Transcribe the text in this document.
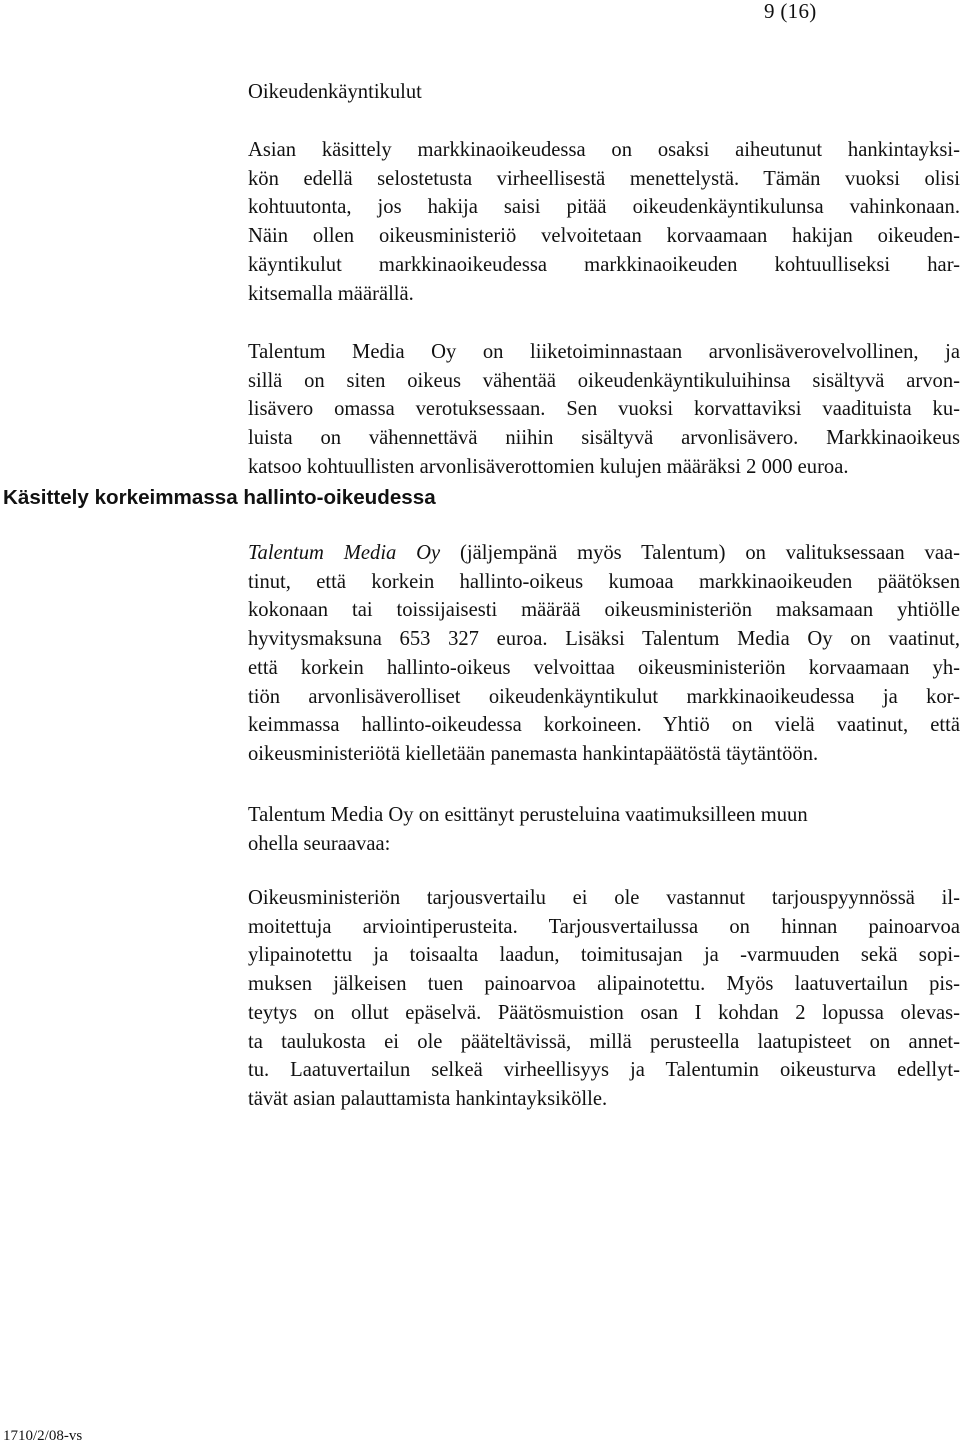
9 (16)
Oikeudenkäyntikulut
Asian käsittely markkinaoikeudessa on osaksi aiheutunut hankintayksi-
kön edellä selostetusta virheellisestä menettelystä. Tämän vuoksi olisi
kohtuutonta, jos hakija saisi pitää oikeudenkäyntikulunsa vahinkonaan.
Näin ollen oikeusministeriö velvoitetaan korvaamaan hakijan oikeuden-
käyntikulut markkinaoikeudessa markkinaoikeuden kohtuulliseksi har-
kitsemalla määrällä.
Talentum Media Oy on liiketoiminnastaan arvonlisäverovelvollinen, ja
sillä on siten oikeus vähentää oikeudenkäyntikuluihinsa sisältyvä arvon-
lisävero omassa verotuksessaan. Sen vuoksi korvattaviksi vaadituista ku-
luista on vähennettävä niihin sisältyvä arvonlisävero. Markkinaoikeus
katsoo kohtuullisten arvonlisäverottomien kulujen määräksi 2 000 euroa.
Käsittely korkeimmassa hallinto-oikeudessa
Talentum Media Oy (jäljempänä myös Talentum) on valituksessaan vaa-
tinut, että korkein hallinto-oikeus kumoaa markkinaoikeuden päätöksen
kokonaan tai toissijaisesti määrää oikeusministeriön maksamaan yhtiölle
hyvitysmaksuna 653 327 euroa. Lisäksi Talentum Media Oy on vaatinut,
että korkein hallinto-oikeus velvoittaa oikeusministeriön korvaamaan yh-
tiön arvonlisäverolliset oikeudenkäyntikulut markkinaoikeudessa ja kor-
keimmassa hallinto-oikeudessa korkoineen. Yhtiö on vielä vaatinut, että
oikeusministeriötä kielletään panemasta hankintapäätöstä täytäntöön.
Talentum Media Oy on esittänyt perusteluina vaatimuksilleen muun
ohella seuraavaa:
Oikeusministeriön tarjousvertailu ei ole vastannut tarjouspyynnössä il-
moitettuja arviointiperusteita. Tarjousvertailussa on hinnan painoarvoa
ylipainotettu ja toisaalta laadun, toimitusajan ja -varmuuden sekä sopi-
muksen jälkeisen tuen painoarvoa alipainotettu. Myös laatuvertailun pis-
teytys on ollut epäselvä. Päätösmuistion osan I kohdan 2 lopussa olevas-
ta taulukosta ei ole pääteltävissä, millä perusteella laatupisteet on annet-
tu. Laatuvertailun selkeä virheellisyys ja Talentumin oikeusturva edellyt-
tävät asian palauttamista hankintayksikölle.
1710/2/08-vs
